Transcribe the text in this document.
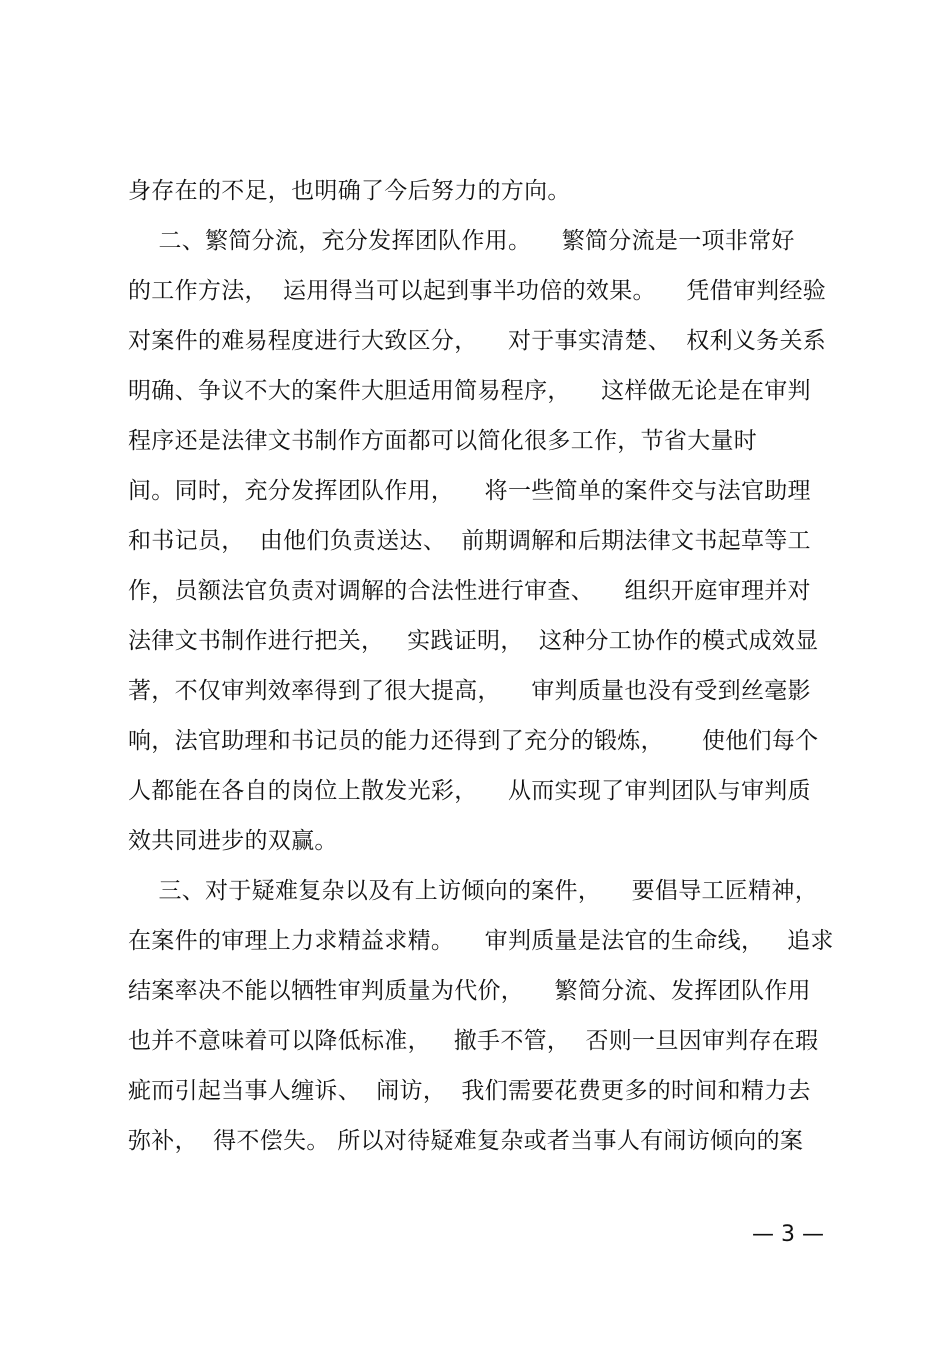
身存在的不足，也明确了今后努力的方向。
二、繁简分流，充分发挥团队作用。    繁简分流是一项非常好
的工作方法，  运用得当可以起到事半功倍的效果。    凭借审判经验
对案件的难易程度进行大致区分，    对于事实清楚、  权利义务关系
明确、争议不大的案件大胆适用简易程序，    这样做无论是在审判
程序还是法律文书制作方面都可以简化很多工作，节省大量时
间。同时，充分发挥团队作用，    将一些简单的案件交与法官助理
和书记员，  由他们负责送达、  前期调解和后期法律文书起草等工
作，员额法官负责对调解的合法性进行审查、    组织开庭审理并对
法律文书制作进行把关，   实践证明，  这种分工协作的模式成效显
著，不仅审判效率得到了很大提高，    审判质量也没有受到丝毫影
响，法官助理和书记员的能力还得到了充分的锻炼，     使他们每个
人都能在各自的岗位上散发光彩，    从而实现了审判团队与审判质
效共同进步的双赢。
三、对于疑难复杂以及有上访倾向的案件，    要倡导工匠精神，
在案件的审理上力求精益求精。    审判质量是法官的生命线，   追求
结案率决不能以牺牲审判质量为代价，    繁简分流、发挥团队作用
也并不意味着可以降低标准，   撤手不管，  否则一旦因审判存在瑕
疵而引起当事人缠诉、  闹访，  我们需要花费更多的时间和精力去
弥补，  得不偿失。 所以对待疑难复杂或者当事人有闹访倾向的案
— 3 —
